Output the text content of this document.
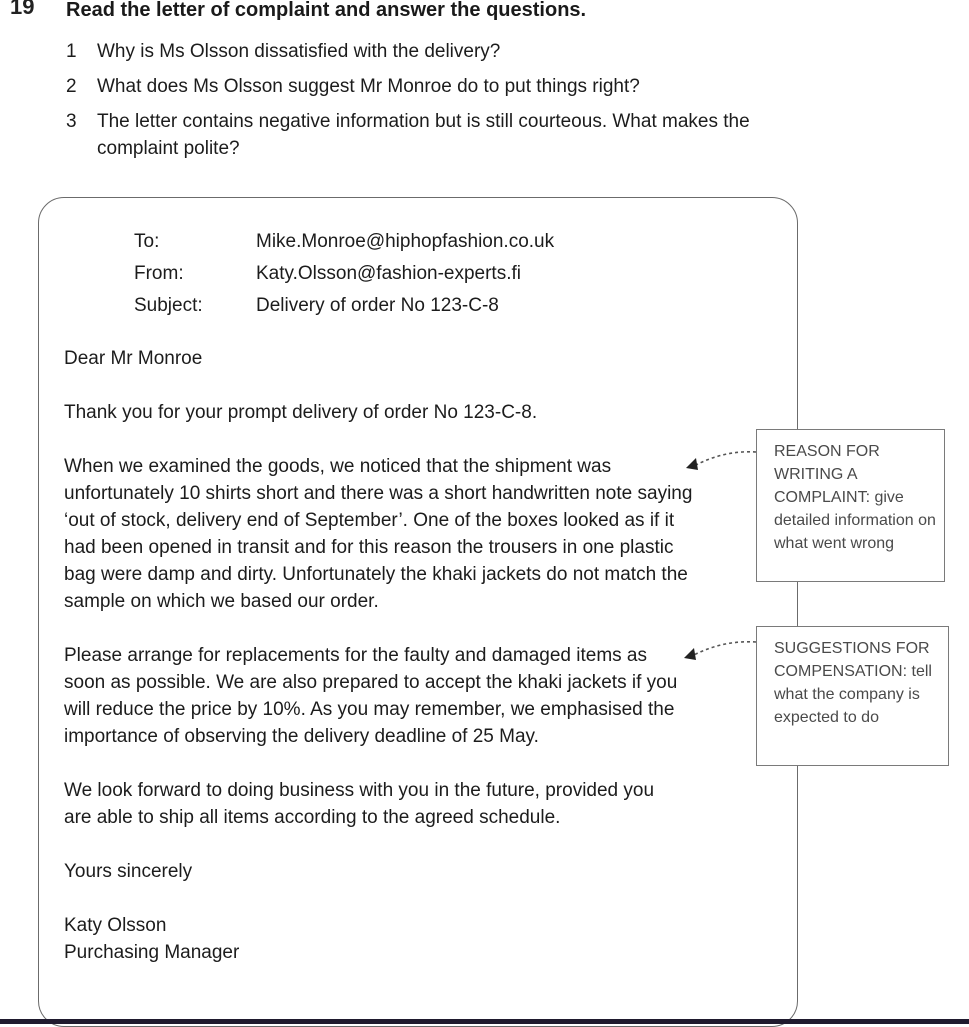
19 Read the letter of complaint and answer the questions.
1	Why is Ms Olsson dissatisfied with the delivery?
2	What does Ms Olsson suggest Mr Monroe do to put things right?
3	The letter contains negative information but is still courteous. What makes the complaint polite?
To:	Mike.Monroe@hiphopfashion.co.uk
From:	Katy.Olsson@fashion-experts.fi
Subject:	Delivery of order No 123-C-8

Dear Mr Monroe

Thank you for your prompt delivery of order No 123-C-8.

When we examined the goods, we noticed that the shipment was unfortunately 10 shirts short and there was a short handwritten note saying ‘out of stock, delivery end of September’. One of the boxes looked as if it had been opened in transit and for this reason the trousers in one plastic bag were damp and dirty. Unfortunately the khaki jackets do not match the sample on which we based our order.

Please arrange for replacements for the faulty and damaged items as soon as possible. We are also prepared to accept the khaki jackets if you will reduce the price by 10%. As you may remember, we emphasised the importance of observing the delivery deadline of 25 May.

We look forward to doing business with you in the future, provided you are able to ship all items according to the agreed schedule.

Yours sincerely

Katy Olsson

Purchasing Manager

REASON FOR WRITING A COMPLAINT: give detailed information on what went wrong
SUGGESTIONS FOR COMPENSATION: tell what the company is expected to do
